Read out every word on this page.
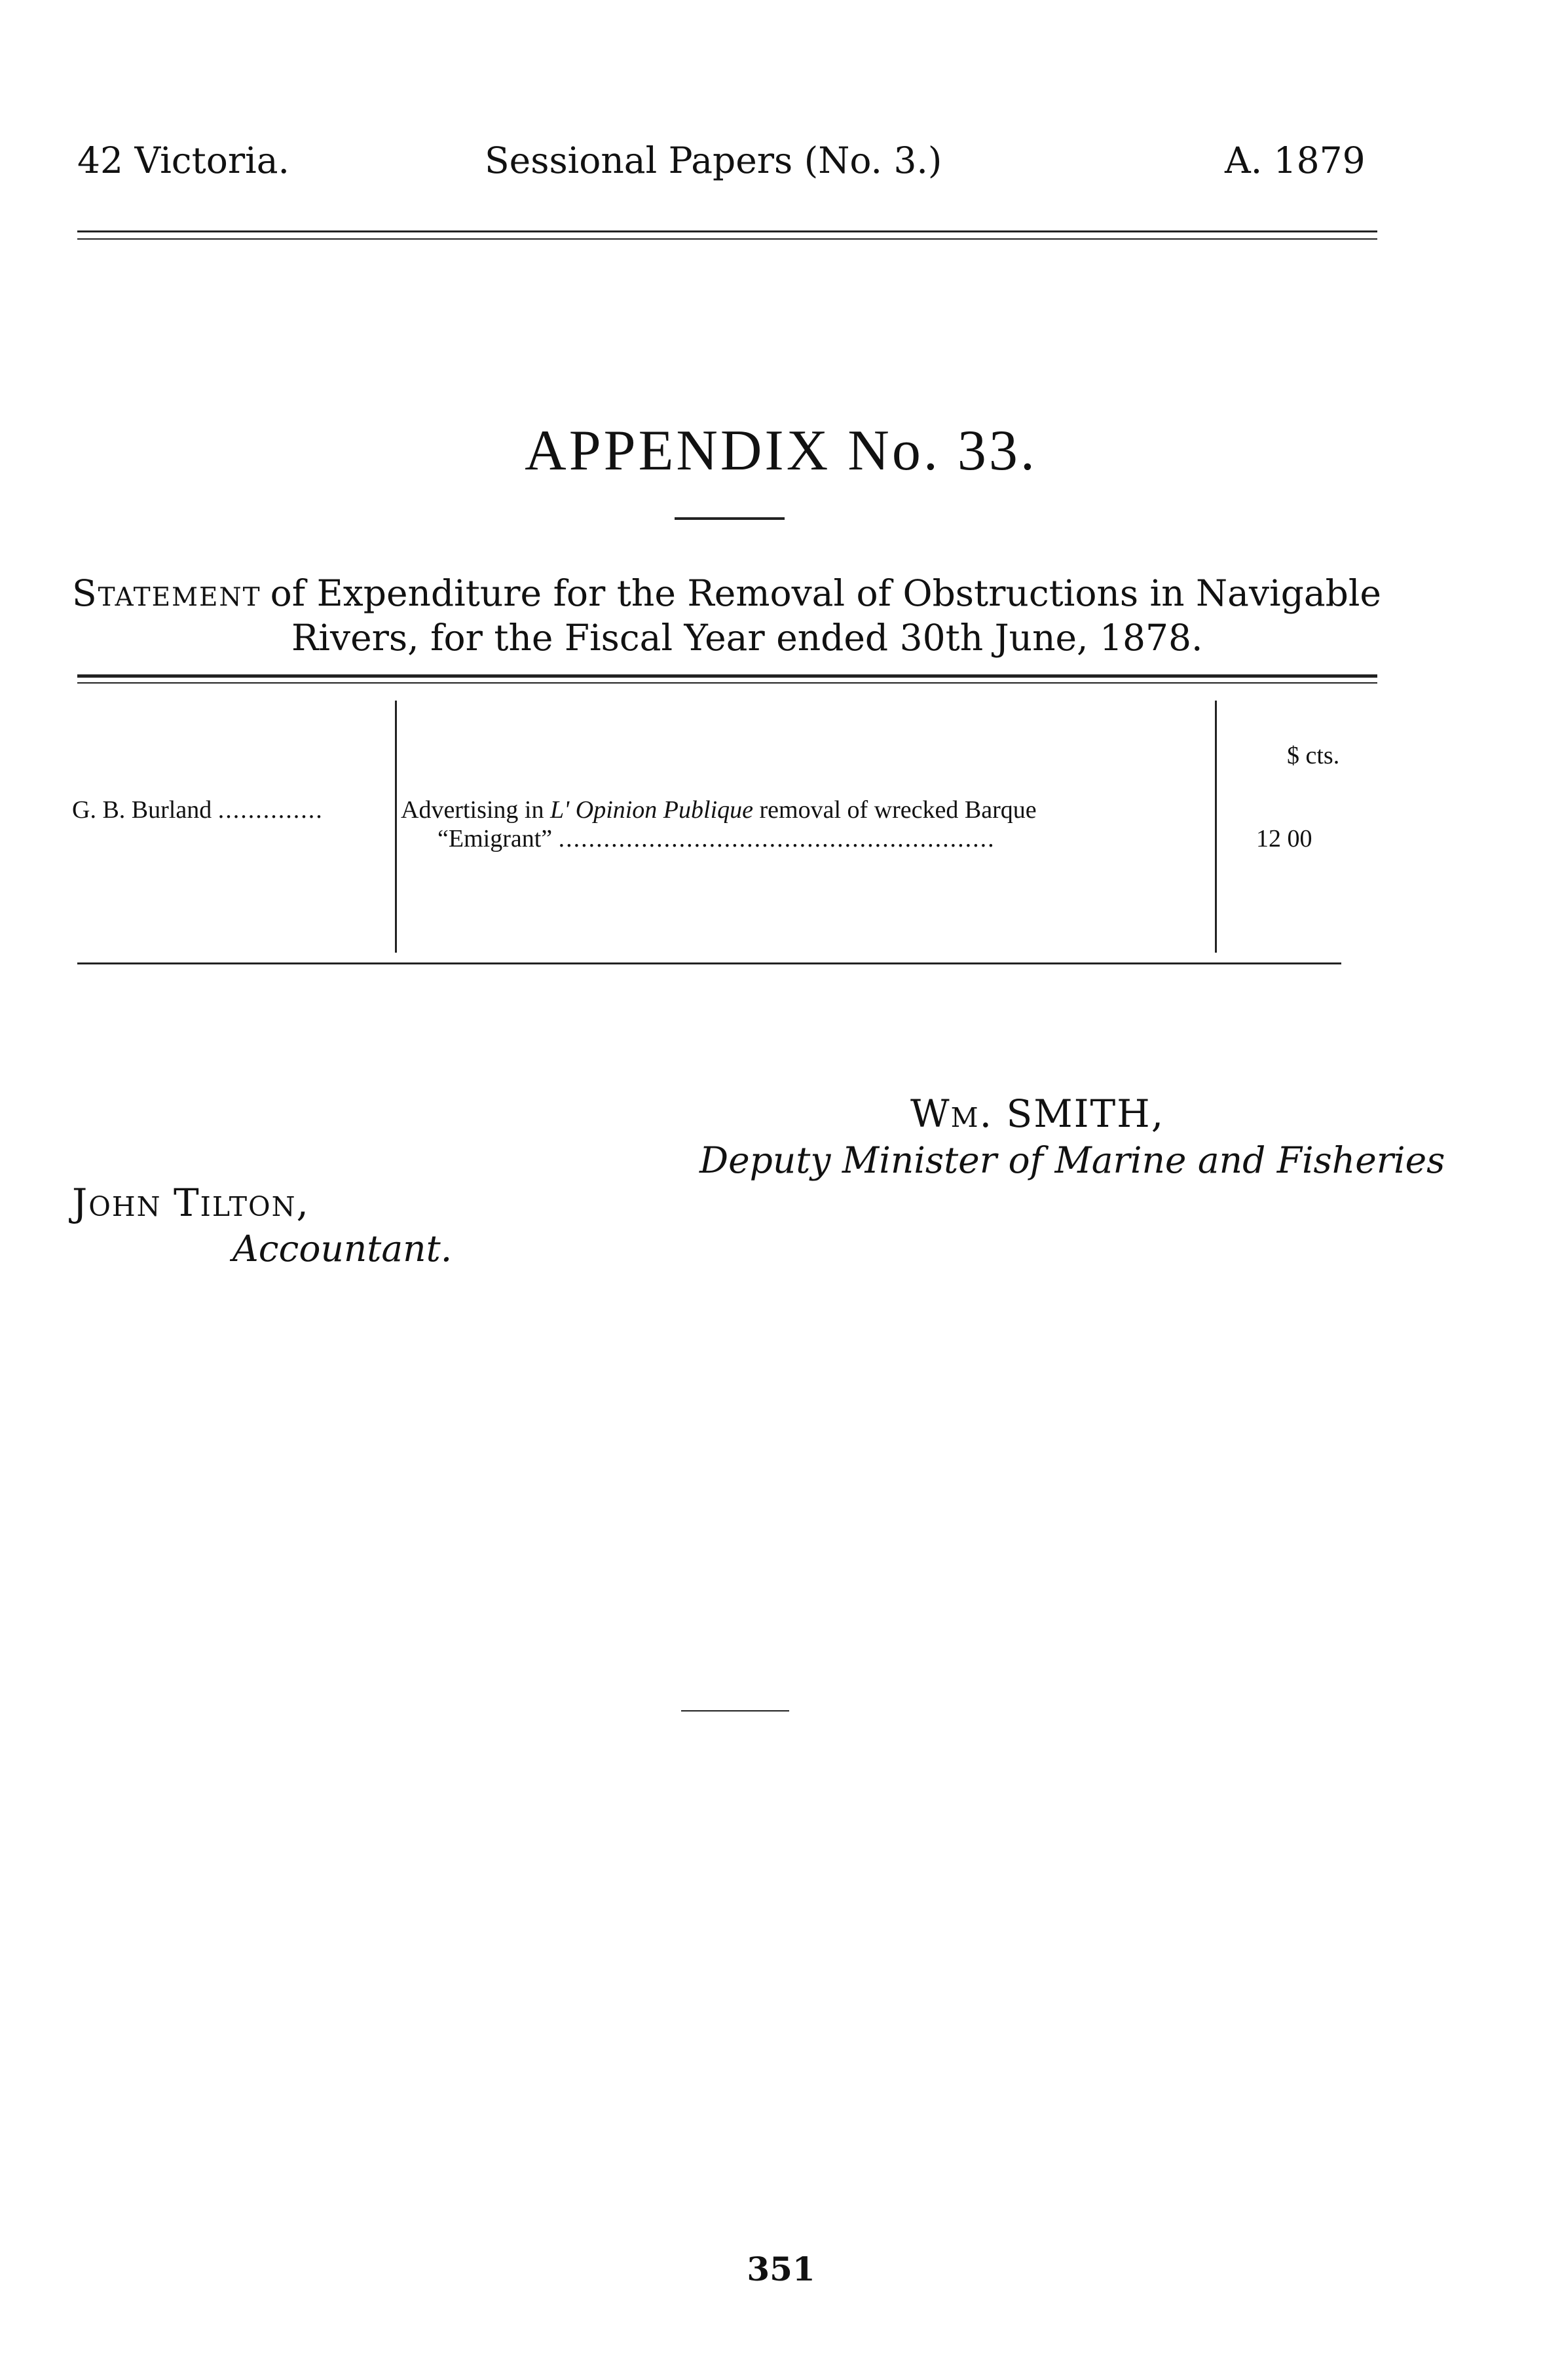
42 Victoria.	Sessional Papers (No. 3.)	A. 1879
APPENDIX No. 33.
Statement of Expenditure for the Removal of Obstructions in Navigable
Rivers, for the Fiscal Year ended 30th June, 1878.
$ cts.
G. B. Burland ..............	Advertising in L' Opinion Publique removal of wrecked Barque
“Emigrant” ..........................................................	12 00
Wm. SMITH,
Deputy Minister of Marine and Fisheries
John Tilton,
Accountant.
351
